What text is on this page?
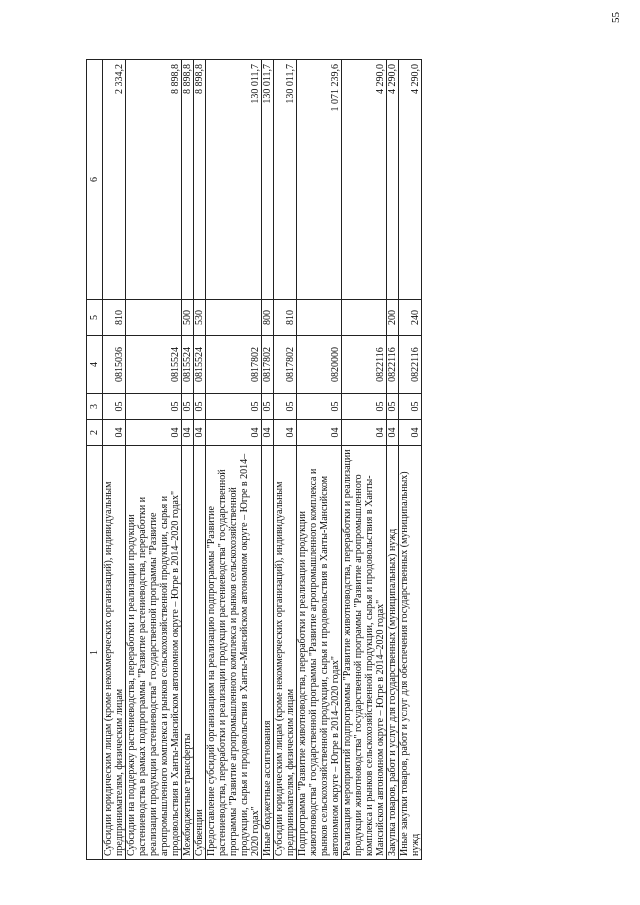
55
1	2	3	4	5	6
Субсидии юридическим лицам (кроме некоммерческих организаций), индивидуальным предпринимателям, физическим лицам	04	05	0815036	810	2 334,2
Субсидии на поддержку растениеводства, переработки и реализации продукции растениеводства в рамках подпрограммы "Развитие растениеводства, переработки и реализации продукции растениеводства" государственной программы "Развитие агропромышленного комплекса и рынков сельскохозяйственной продукции, сырья и продовольствия в Ханты-Мансийском автономном округе – Югре в 2014–2020 годах"	04	05	0815524		8 898,8
Межбюджетные трансферты	04	05	0815524	500	8 898,8
Субвенции	04	05	0815524	530	8 898,8
Предоставление субсидий организациям на реализацию подпрограммы "Развитие растениеводства, переработки и реализации продукции растениеводства" государственной программы "Развитие агропромышленного комплекса и рынков сельскохозяйственной продукции, сырья и продовольствия в Ханты-Мансийском автономном округе – Югре в 2014–2020 годах"	04	05	0817802		130 011,7
Иные бюджетные ассигнования	04	05	0817802	800	130 011,7
Субсидии юридическим лицам (кроме некоммерческих организаций), индивидуальным предпринимателям, физическим лицам	04	05	0817802	810	130 011,7
Подпрограмма "Развитие животноводства, переработки и реализации продукции животноводства" государственной программы "Развитие агропромышленного комплекса и рынков сельскохозяйственной продукции, сырья и продовольствия в Ханты-Мансийском автономном округе – Югре в 2014–2020 годах"	04	05	0820000		1 071 239,6
Реализация мероприятий подпрограммы "Развитие животноводства, переработки и реализации продукции животноводства" государственной программы "Развитие агропромышленного комплекса и рынков сельскохозяйственной продукции, сырья и продовольствия в Ханты-Мансийском автономном округе – Югре в 2014–2020 годах"	04	05	0822116		4 290,0
Закупка товаров, работ и услуг для государственных (муниципальных) нужд	04	05	0822116	200	4 290,0
Иные закупки товаров, работ и услуг для обеспечения государственных (муниципальных) нужд	04	05	0822116	240	4 290,0
